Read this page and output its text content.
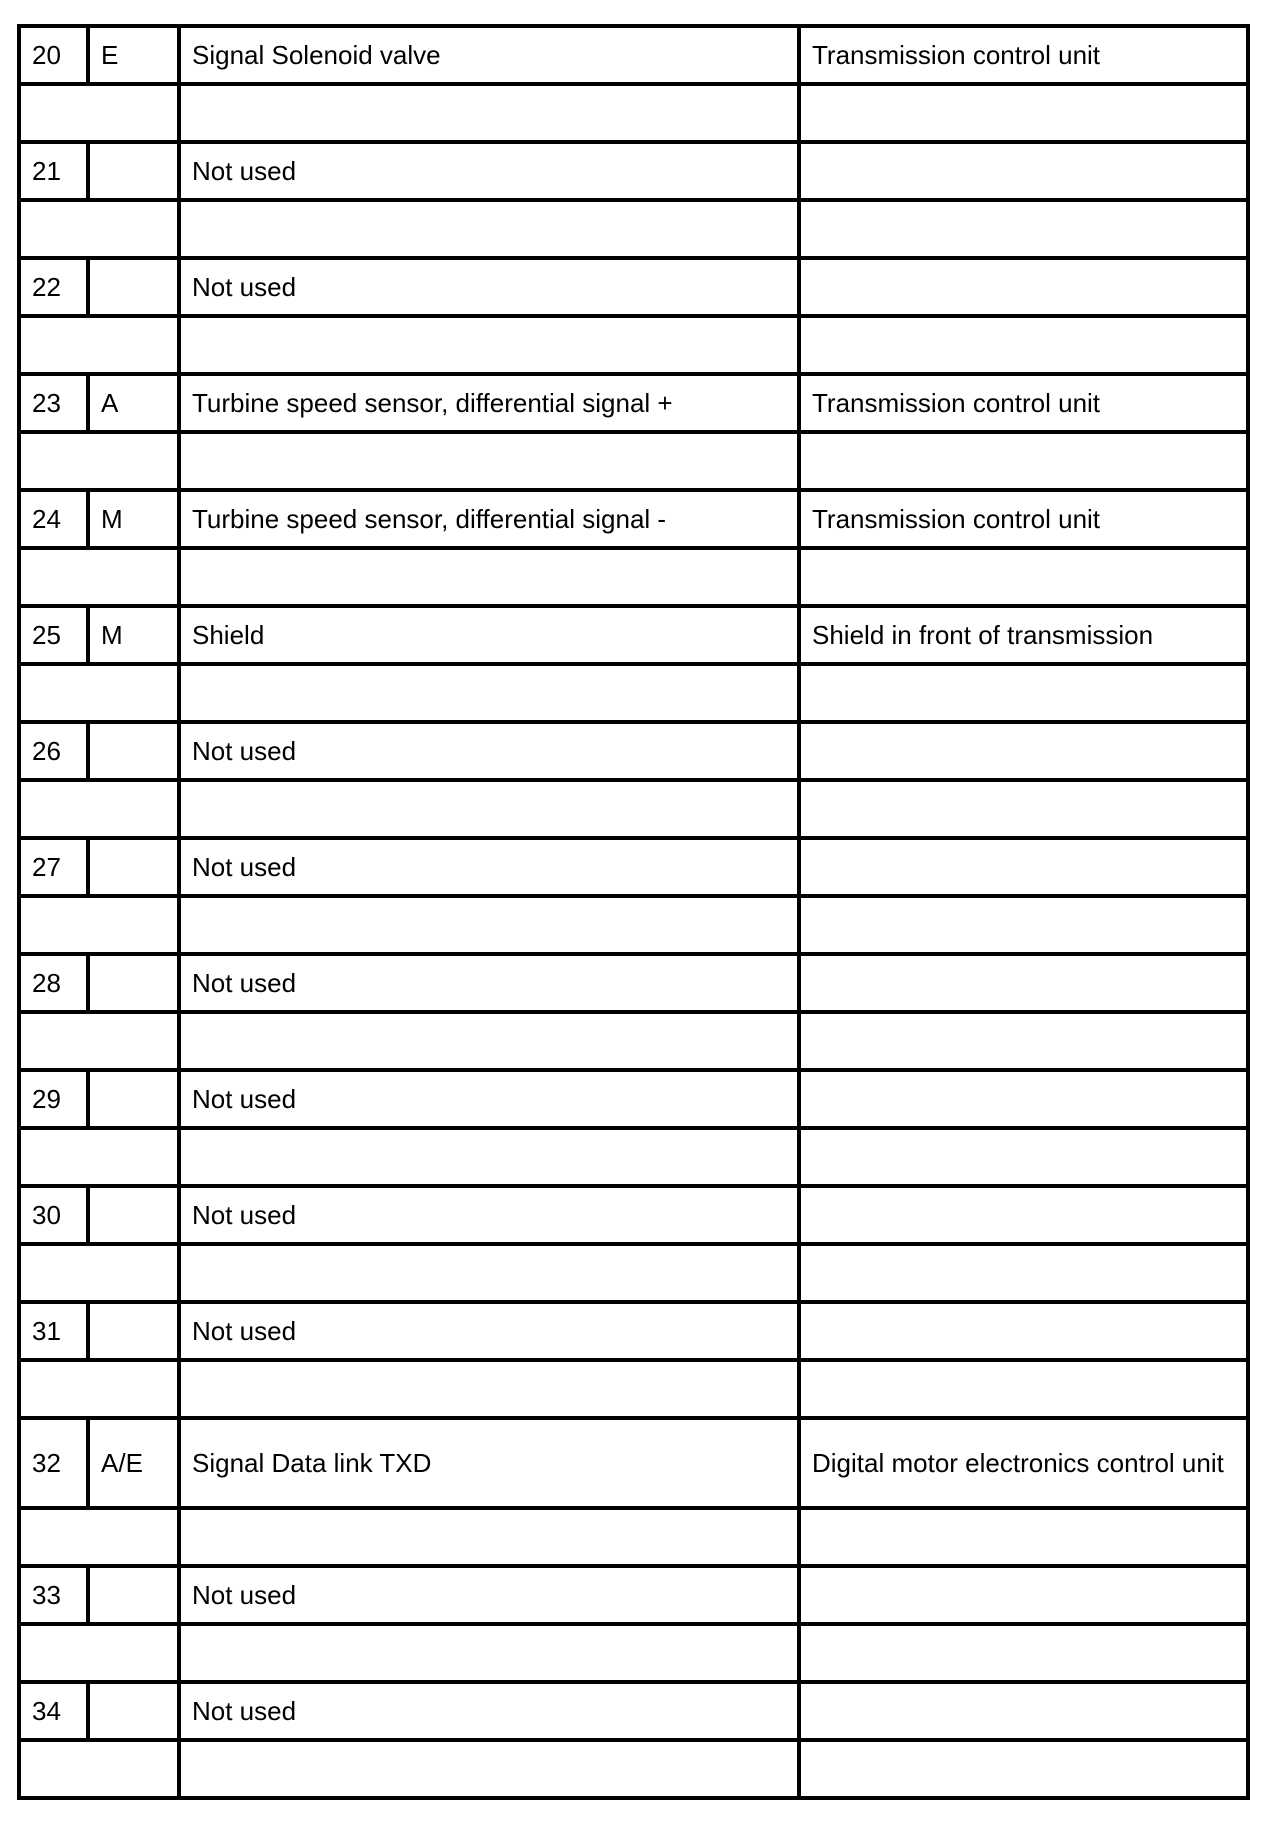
20	E	Signal Solenoid valve	Transmission control unit

21		Not used	

22		Not used	

23	A	Turbine speed sensor, differential signal +	Transmission control unit

24	M	Turbine speed sensor, differential signal -	Transmission control unit

25	M	Shield	Shield in front of transmission

26		Not used	

27		Not used	

28		Not used	

29		Not used	

30		Not used	

31		Not used	

32	A/E	Signal Data link TXD	Digital motor electronics control unit

33		Not used	

34		Not used	
